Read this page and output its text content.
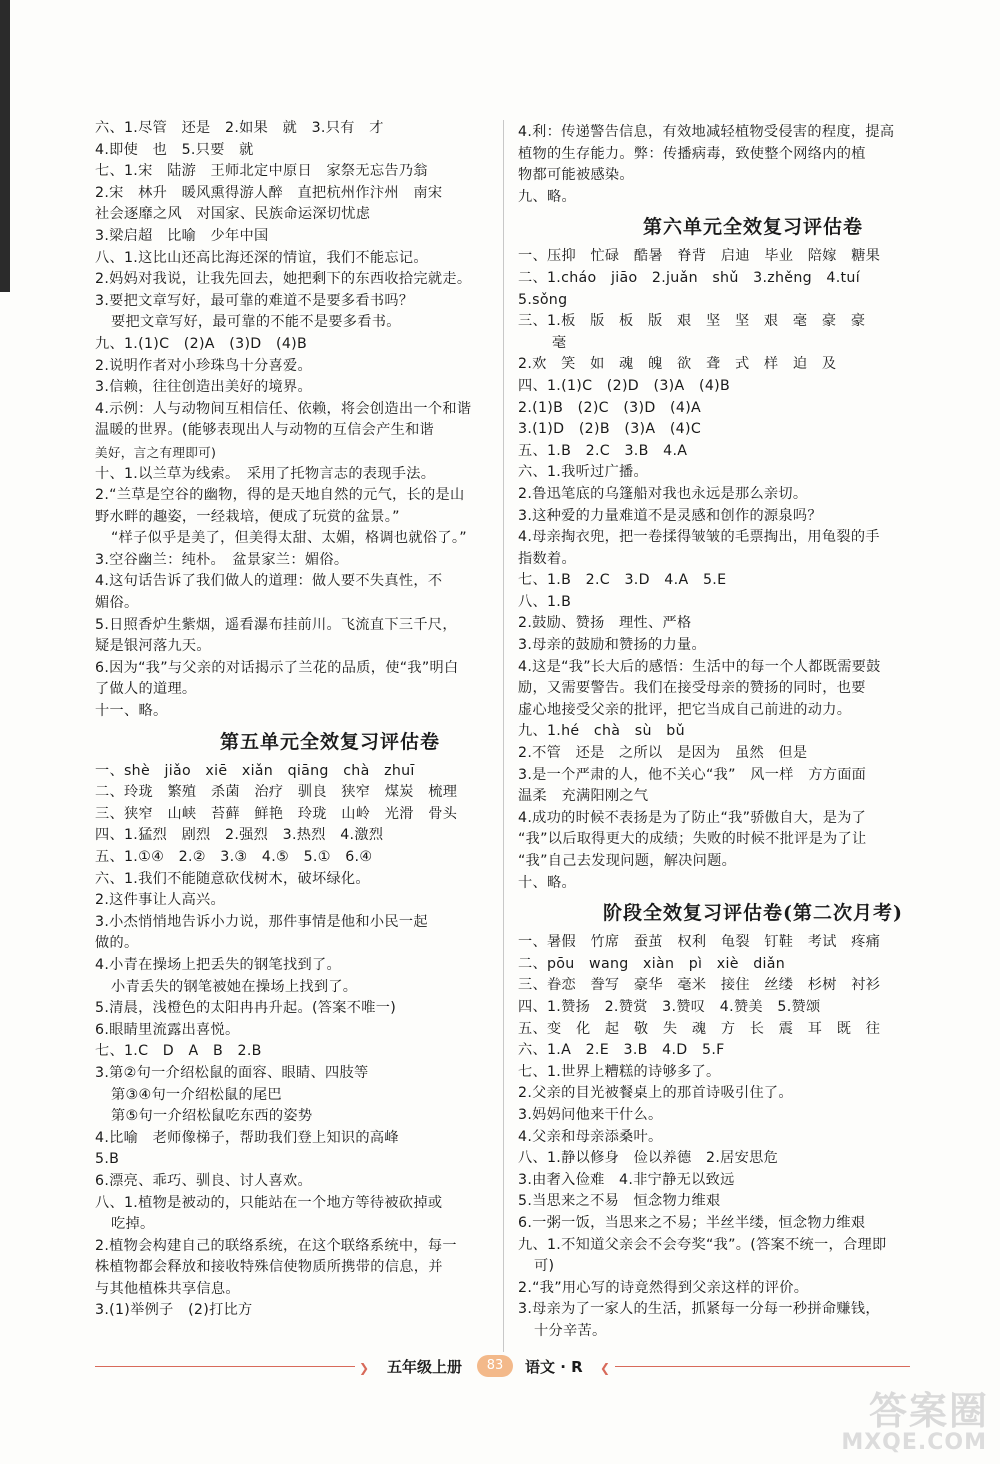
六、1.尽管　还是　2.如果　就　3.只有　才
4.即使　也　5.只要　就
七、1.宋　陆游　王师北定中原日　家祭无忘告乃翁
2.宋　林升　暖风熏得游人醉　直把杭州作汴州　南宋
社会逐靡之风　对国家、民族命运深切忧虑
3.梁启超　比喻　少年中国
八、1.这比山还高比海还深的情谊，我们不能忘记。
2.妈妈对我说，让我先回去，她把剩下的东西收拾完就走。
3.要把文章写好，最可靠的难道不是要多看书吗？
要把文章写好，最可靠的不能不是要多看书。
九、1.(1)C　(2)A　(3)D　(4)B
2.说明作者对小珍珠鸟十分喜爱。
3.信赖，往往创造出美好的境界。
4.示例：人与动物间互相信任、依赖，将会创造出一个和谐
温暖的世界。(能够表现出人与动物的互信会产生和谐
美好，言之有理即可)
十、1.以兰草为线索。　采用了托物言志的表现手法。
2.“兰草是空谷的幽物，得的是天地自然的元气，长的是山
野水畔的趣姿，一经栽培，便成了玩赏的盆景。”
“样子似乎是美了，但美得太甜、太媚，格调也就俗了。”
3.空谷幽兰：纯朴。　盆景家兰：媚俗。
4.这句话告诉了我们做人的道理：做人要不失真性，不
媚俗。
5.日照香炉生紫烟，遥看瀑布挂前川。飞流直下三千尺，
疑是银河落九天。
6.因为“我”与父亲的对话揭示了兰花的品质，使“我”明白
了做人的道理。
十一、略。
第五单元全效复习评估卷
一、shè　jiǎo　xiē　xiǎn　qiāng　chà　zhuī
二、玲珑　繁殖　杀菌　治疗　驯良　狭窄　煤炭　梳理
三、狭窄　山峡　苔藓　鲜艳　玲珑　山岭　光滑　骨头
四、1.猛烈　剧烈　2.强烈　3.热烈　4.激烈
五、1.①④　2.②　3.③　4.⑤　5.①　6.④
六、1.我们不能随意砍伐树木，破坏绿化。
2.这件事让人高兴。
3.小杰悄悄地告诉小力说，那件事情是他和小民一起
做的。
4.小青在操场上把丢失的钢笔找到了。
小青丢失的钢笔被她在操场上找到了。
5.清晨，浅橙色的太阳冉冉升起。(答案不唯一)
6.眼睛里流露出喜悦。
七、1.C　D　A　B　2.B
3.第②句一介绍松鼠的面容、眼睛、四肢等
第③④句一介绍松鼠的尾巴
第⑤句一介绍松鼠吃东西的姿势
4.比喻　老师像梯子，帮助我们登上知识的高峰
5.B
6.漂亮、乖巧、驯良、讨人喜欢。
八、1.植物是被动的，只能站在一个地方等待被砍掉或
吃掉。
2.植物会构建自己的联络系统，在这个联络系统中，每一
株植物都会释放和接收特殊信使物质所携带的信息，并
与其他植株共享信息。
3.(1)举例子　(2)打比方
4.利：传递警告信息，有效地减轻植物受侵害的程度，提高
植物的生存能力。弊：传播病毒，致使整个网络内的植
物都可能被感染。
九、略。
第六单元全效复习评估卷
一、压抑　忙碌　酷暑　脊背　启迪　毕业　陪嫁　糖果
二、1.cháo　jiāo　2.juǎn　shǔ　3.zhěng　4.tuí
5.sǒng
三、1.板　版　板　版　艰　坚　坚　艰　毫　豪　豪
毫
2.欢　笑　如　魂　魄　欲　聋　式　样　迫　及
四、1.(1)C　(2)D　(3)A　(4)B
2.(1)B　(2)C　(3)D　(4)A
3.(1)D　(2)B　(3)A　(4)C
五、1.B　2.C　3.B　4.A
六、1.我听过广播。
2.鲁迅笔底的乌篷船对我也永远是那么亲切。
3.这种爱的力量难道不是灵感和创作的源泉吗？
4.母亲掏衣兜，把一卷揉得皱皱的毛票掏出，用龟裂的手
指数着。
七、1.B　2.C　3.D　4.A　5.E
八、1.B
2.鼓励、赞扬　理性、严格
3.母亲的鼓励和赞扬的力量。
4.这是“我”长大后的感悟：生活中的每一个人都既需要鼓
励，又需要警告。我们在接受母亲的赞扬的同时，也要
虚心地接受父亲的批评，把它当成自己前进的动力。
九、1.hé　chà　sù　bǔ
2.不管　还是　之所以　是因为　虽然　但是
3.是一个严肃的人，他不关心“我”　风一样　方方面面
温柔　充满阳刚之气
4.成功的时候不表扬是为了防止“我”骄傲自大，是为了
“我”以后取得更大的成绩；失败的时候不批评是为了让
“我”自己去发现问题，解决问题。
十、略。
阶段全效复习评估卷(第二次月考)
一、暑假　竹席　蚕茧　权利　龟裂　钉鞋　考试　疼痛
二、pōu　wang　xiàn　pì　xiè　diǎn
三、眷恋　誊写　豪华　毫米　接住　丝缕　杉树　衬衫
四、1.赞扬　2.赞赏　3.赞叹　4.赞美　5.赞颂
五、变　化　起　敬　失　魂　方　长　震　耳　既　往
六、1.A　2.E　3.B　4.D　5.F
七、1.世界上糟糕的诗够多了。
2.父亲的目光被餐桌上的那首诗吸引住了。
3.妈妈问他来干什么。
4.父亲和母亲添桑叶。
八、1.静以修身　俭以养德　2.居安思危
3.由奢入俭难　4.非宁静无以致远
5.当思来之不易　恒念物力维艰
6.一粥一饭，当思来之不易；半丝半缕，恒念物力维艰
九、1.不知道父亲会不会夸奖“我”。(答案不统一，合理即
可)
2.“我”用心写的诗竟然得到父亲这样的评价。
3.母亲为了一家人的生活，抓紧每一分每一秒拼命赚钱，
十分辛苦。
❯ 五年级上册	83	语文 · R ❮
答案圈
MXQE.COM
